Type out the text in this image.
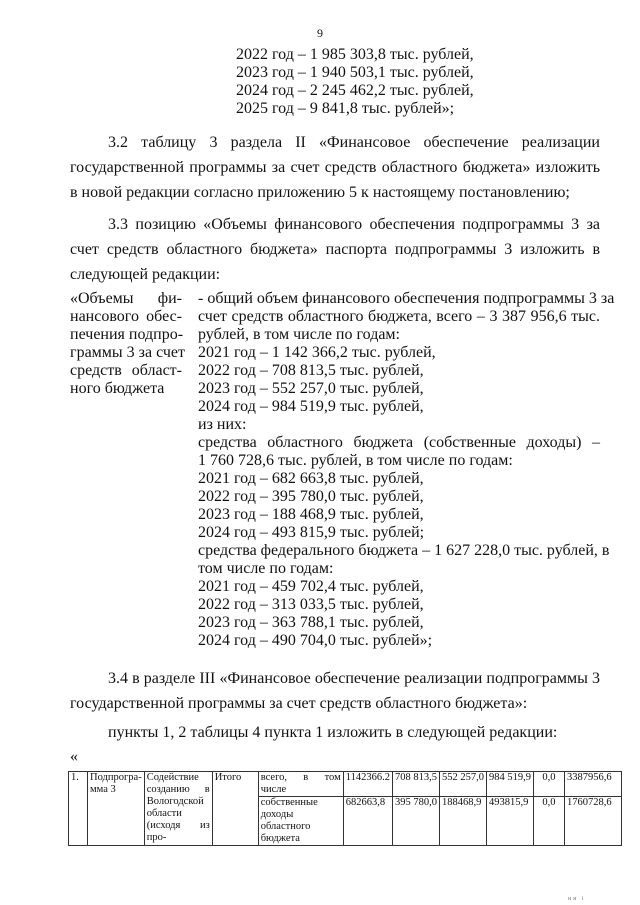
9
2022 год – 1 985 303,8 тыс. рублей,
2023 год – 1 940 503,1 тыс. рублей,
2024 год – 2 245 462,2 тыс. рублей,
2025 год – 9 841,8 тыс. рублей»;
3.2 таблицу 3 раздела II «Финансовое обеспечение реализации государственной программы за счет средств областного бюджета» изложить в новой редакции согласно приложению 5 к настоящему постановлению;
3.3 позицию «Объемы финансового обеспечения подпрограммы 3 за счет средств областного бюджета» паспорта подпрограммы 3 изложить в следующей редакции:
«Объемы фи-
нансового обес-
печения подпро-
граммы 3 за счет
средств област-
ного бюджета
- общий объем финансового обеспечения подпрограммы 3 за
счет средств областного бюджета, всего – 3 387 956,6 тыс.
рублей, в том числе по годам:
2021 год – 1 142 366,2 тыс. рублей,
2022 год – 708 813,5 тыс. рублей,
2023 год – 552 257,0 тыс. рублей,
2024 год – 984 519,9 тыс. рублей,
из них:
средства областного бюджета (собственные доходы) –
1 760 728,6 тыс. рублей, в том числе по годам:
2021 год – 682 663,8 тыс. рублей,
2022 год – 395 780,0 тыс. рублей,
2023 год – 188 468,9 тыс. рублей,
2024 год – 493 815,9 тыс. рублей;
средства федерального бюджета – 1 627 228,0 тыс. рублей, в
том числе по годам:
2021 год – 459 702,4 тыс. рублей,
2022 год – 313 033,5 тыс. рублей,
2023 год – 363 788,1 тыс. рублей,
2024 год – 490 704,0 тыс. рублей»;
3.4 в разделе III «Финансовое обеспечение реализации подпрограммы 3 государственной программы за счет средств областного бюджета»:
пункты 1, 2 таблицы 4 пункта 1 изложить в следующей редакции:
«
1.	Подпрогра-мма 3	Содействие созданию в Вологодской области (исходя из про-	Итого	всего, в том числе	1142366.2	708 813,5	552 257,0	984 519,9	0,0	3387956,6
				собственные доходы областного бюджета	682663,8	395 780,0	188468,9	493815,9	0,0	1760728,6
ии і
